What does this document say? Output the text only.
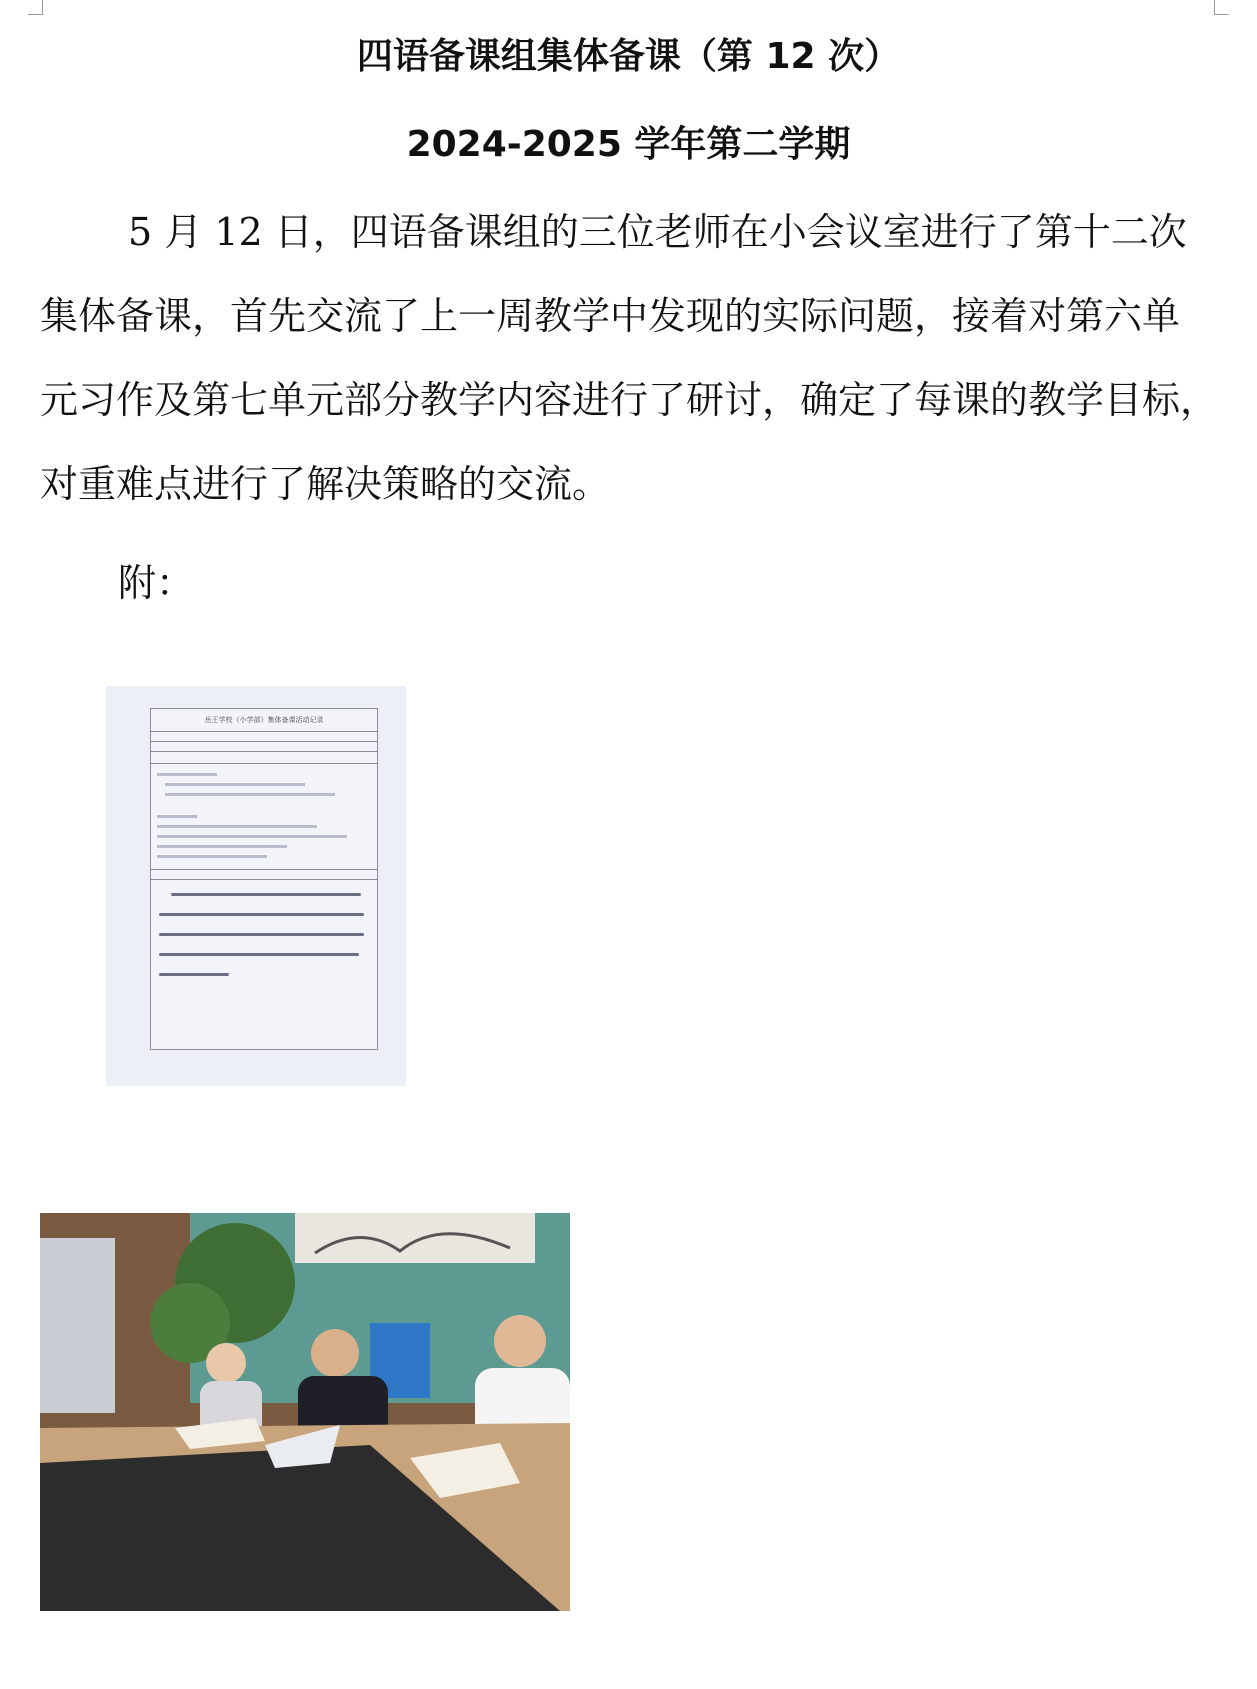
四语备课组集体备课（第 12 次）
2024-2025 学年第二学期
5 月 12 日，四语备课组的三位老师在小会议室进行了第十二次
集体备课，首先交流了上一周教学中发现的实际问题，接着对第六单
元习作及第七单元部分教学内容进行了研讨，确定了每课的教学目标，
对重难点进行了解决策略的交流。
附：
岳王学校（小学部）集体备课活动记录
